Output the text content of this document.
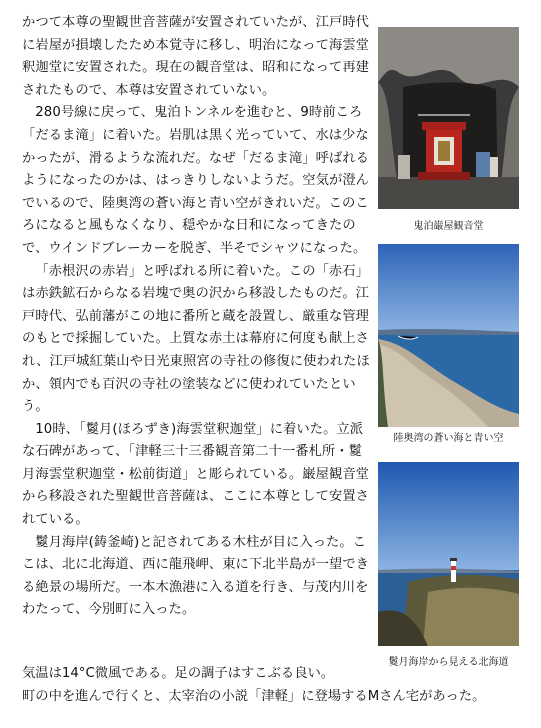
かつて本尊の聖観世音菩薩が安置されていたが、江戸時代に岩屋が損壊したため本覚寺に移し、明治になって海雲堂釈迦堂に安置された。現在の観音堂は、昭和になって再建されたもので、本尊は安置されていない。

280号線に戻って、鬼泊トンネルを進むと、9時前ころ「だるま滝」に着いた。岩肌は黒く光っていて、水は少なかったが、滑るような流れだ。なぜ「だるま滝」呼ばれるようになったのかは、はっきりしないようだ。空気が澄んでいるので、陸奥湾の蒼い海と青い空がきれいだ。このころになると風もなくなり、穏やかな日和になってきたので、ウインドブレーカーを脱ぎ、半そでシャツになった。

「赤根沢の赤岩」と呼ばれる所に着いた。この「赤石」は赤鉄鉱石からなる岩塊で奥の沢から移設したものだ。江戸時代、弘前藩がこの地に番所と蔵を設置し、厳重な管理のもとで採掘していた。上質な赤土は幕府に何度も献上され、江戸城紅葉山や日光東照宮の寺社の修復に使われたほか、領内でも百沢の寺社の塗装などに使われていたという。

10時、「鬉月(ほろずき)海雲堂釈迦堂」に着いた。立派な石碑があって、「津軽三十三番観音第二十一番札所・鬉月海雲堂釈迦堂・松前街道」と彫られている。巌屋観音堂から移設された聖観世音菩薩は、ここに本尊として安置されている。

鬉月海岸(鋳釜崎)と記されてある木柱が目に入った。ここは、北に北海道、西に龍飛岬、東に下北半島が一望できる絶景の場所だ。一本木漁港に入る道を行き、与茂内川をわたって、今別町に入った。

気温は14°C微風である。足の調子はすこぶる良い。

町の中を進んで行くと、太宰治の小説「津軽」に登場するMさん宅があった。

鬼泊巌屋観音堂

陸奥湾の蒼い海と青い空

鬉月海岸から見える北海道
